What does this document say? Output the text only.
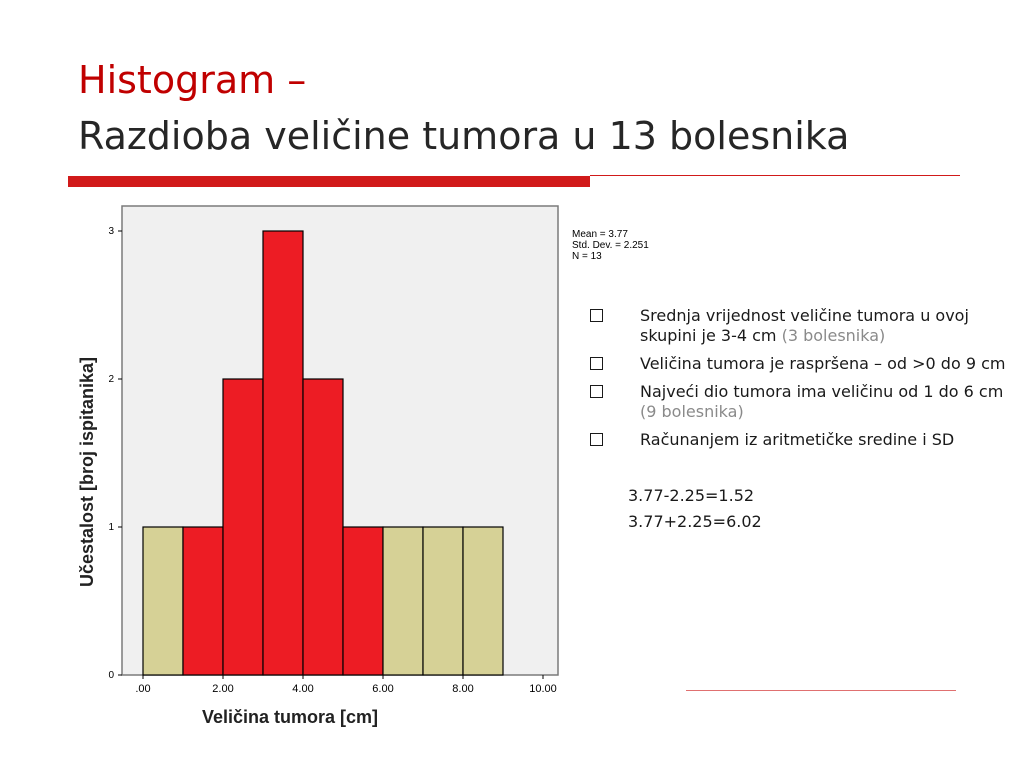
Histogram –
Razdioba veličine tumora u 13 bolesnika
0
1
2
3
.00	2.00	4.00	6.00	8.00	10.00
Veličina tumora [cm]
Učestalost [broj ispitanika]
Mean = 3.77
Std. Dev. = 2.251
N = 13
Srednja vrijednost veličine tumora u ovoj skupini je 3-4 cm (3 bolesnika)
Veličina tumora je raspršena – od >0 do 9 cm
Najveći dio tumora ima veličinu od 1 do 6 cm (9 bolesnika)
Računanjem iz aritmetičke sredine i SD
3.77-2.25=1.52
3.77+2.25=6.02
